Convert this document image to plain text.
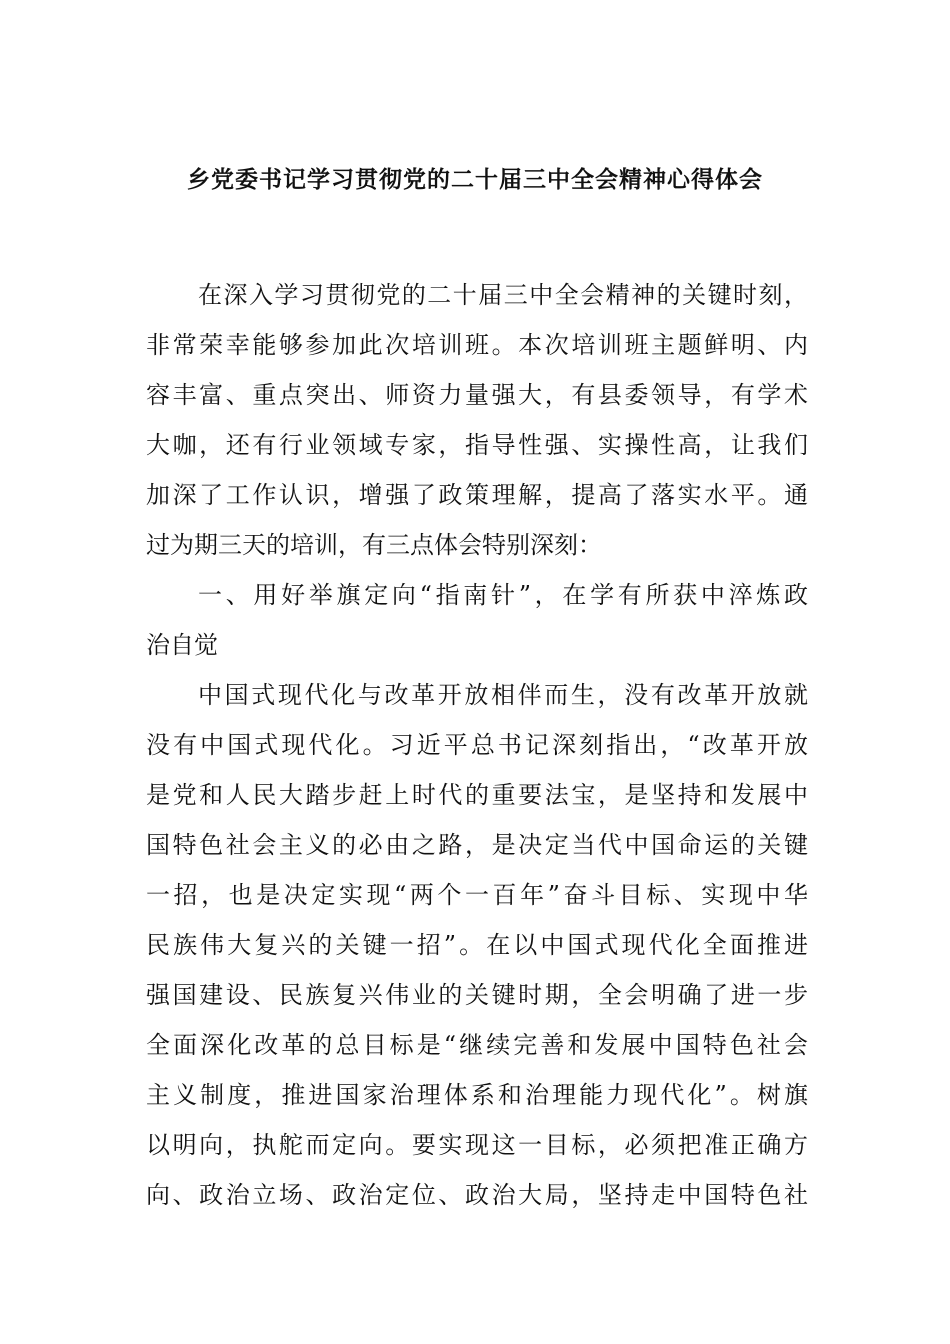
乡党委书记学习贯彻党的二十届三中全会精神心得体会
在深入学习贯彻党的二十届三中全会精神的关键时刻，
非常荣幸能够参加此次培训班。本次培训班主题鲜明、内
容丰富、重点突出、师资力量强大，有县委领导，有学术
大咖，还有行业领域专家，指导性强、实操性高，让我们
加深了工作认识，增强了政策理解，提高了落实水平。通
过为期三天的培训，有三点体会特别深刻：
一、用好举旗定向“指南针”，在学有所获中淬炼政
治自觉
中国式现代化与改革开放相伴而生，没有改革开放就
没有中国式现代化。习近平总书记深刻指出，“改革开放
是党和人民大踏步赶上时代的重要法宝，是坚持和发展中
国特色社会主义的必由之路，是决定当代中国命运的关键
一招，也是决定实现“两个一百年”奋斗目标、实现中华
民族伟大复兴的关键一招”。在以中国式现代化全面推进
强国建设、民族复兴伟业的关键时期，全会明确了进一步
全面深化改革的总目标是“继续完善和发展中国特色社会
主义制度，推进国家治理体系和治理能力现代化”。树旗
以明向，执舵而定向。要实现这一目标，必须把准正确方
向、政治立场、政治定位、政治大局，坚持走中国特色社
